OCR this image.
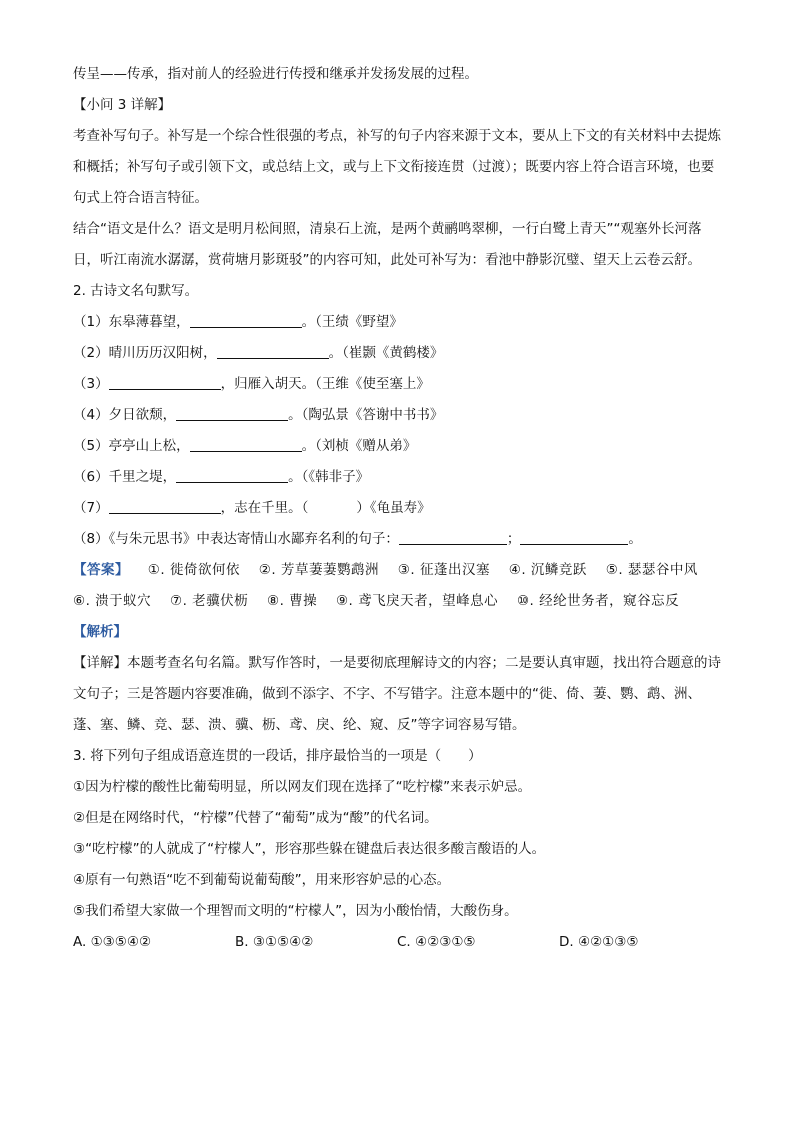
传呈——传承，指对前人的经验进行传授和继承并发扬发展的过程。

【小问 3 详解】

考查补写句子。补写是一个综合性很强的考点，补写的句子内容来源于文本，要从上下文的有关材料中去提炼和概括；补写句子或引领下文，或总结上文，或与上下文衔接连贯（过渡）；既要内容上符合语言环境，也要句式上符合语言特征。

结合“语文是什么？语文是明月松间照，清泉石上流，是两个黄鹂鸣翠柳，一行白鹭上青天”“观塞外长河落日，听江南流水潺潺，赏荷塘月影斑驳”的内容可知，此处可补写为：看池中静影沉璧、望天上云卷云舒。

2. 古诗文名句默写。

（1）东皋薄暮望，	。（王绩《野望》

（2）晴川历历汉阳树，	。（崔颢《黄鹤楼》

（3）	，归雁入胡天。（王维《使至塞上》

（4）夕日欲颓，	。（陶弘景《答谢中书书》

（5）亭亭山上松，	。（刘桢《赠从弟》

（6）千里之堤，	。（《韩非子》

（7）	，志在千里。（	）《龟虽寿》

（8）《与朱元思书》中表达寄情山水鄙弃名利的句子：	；	。

【答案】 ①. 徙倚欲何依 ②. 芳草萋萋鹦鹉洲 ③. 征蓬出汉塞 ④. 沉鳞竞跃 ⑤. 瑟瑟谷中风 ⑥. 溃于蚁穴 ⑦. 老骥伏枥 ⑧. 曹操 ⑨. 鸢飞戾天者，望峰息心 ⑩. 经纶世务者，窥谷忘反

【解析】

【详解】本题考查名句名篇。默写作答时，一是要彻底理解诗文的内容；二是要认真审题，找出符合题意的诗文句子；三是答题内容要准确，做到不添字、不字、不写错字。注意本题中的“徙、倚、萋、鹦、鹉、洲、蓬、塞、鳞、竞、瑟、溃、骥、枥、鸢、戾、纶、窥、反”等字词容易写错。

3. 将下列句子组成语意连贯的一段话，排序最恰当的一项是（　　）

①因为柠檬的酸性比葡萄明显，所以网友们现在选择了“吃柠檬”来表示妒忌。

②但是在网络时代，“柠檬”代替了“葡萄”成为“酸”的代名词。

③“吃柠檬”的人就成了“柠檬人”，形容那些躲在键盘后表达很多酸言酸语的人。

④原有一句熟语“吃不到葡萄说葡萄酸”，用来形容妒忌的心态。

⑤我们希望大家做一个理智而文明的“柠檬人”，因为小酸怡情，大酸伤身。

A. ①③⑤④②	B. ③①⑤④②	C. ④②③①⑤	D. ④②①③⑤
